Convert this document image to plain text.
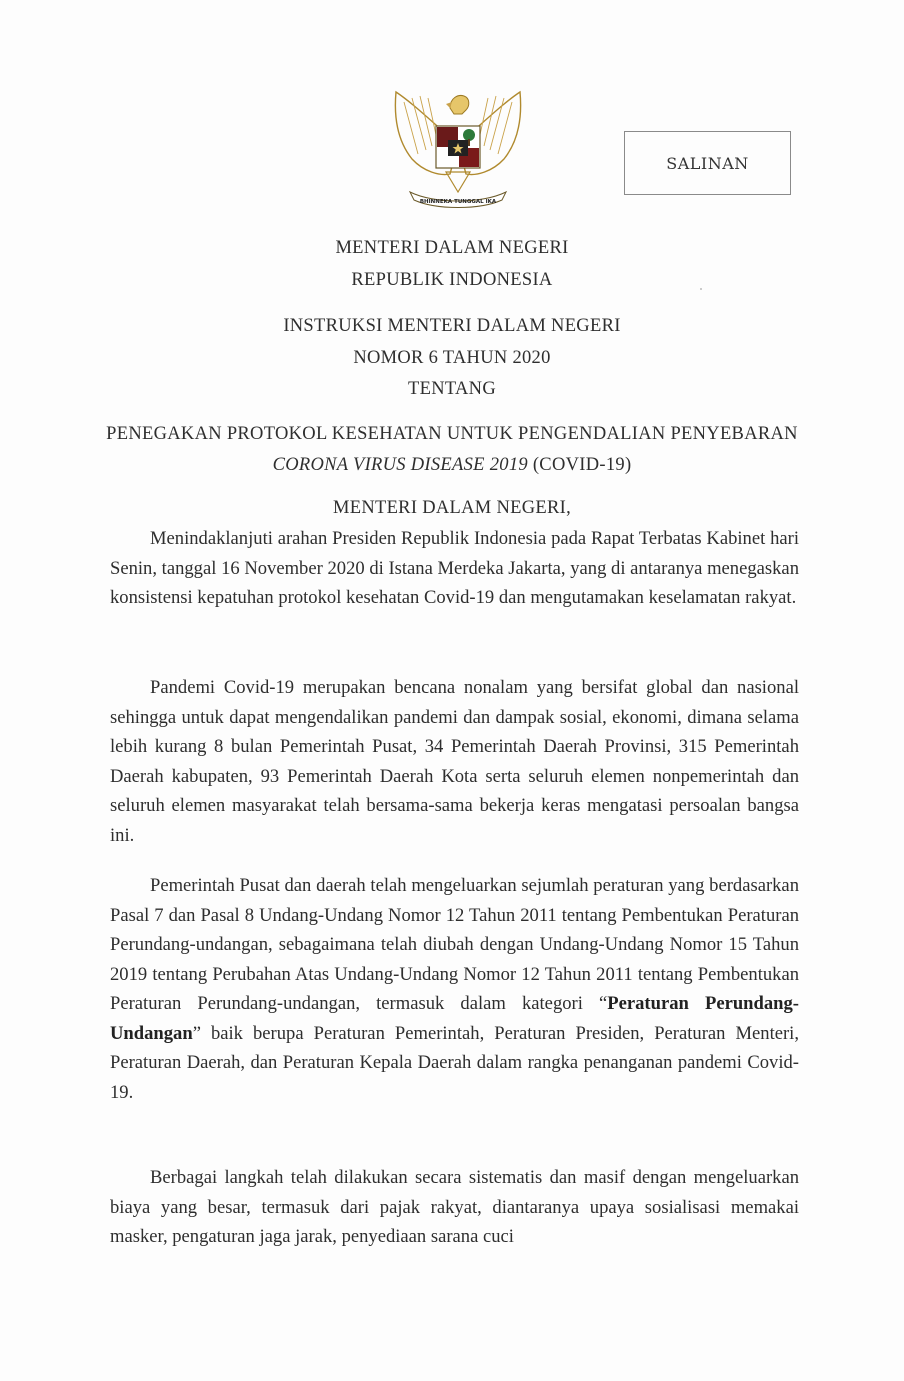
BHINNEKA TUNGGAL IKA
SALINAN
MENTERI DALAM NEGERI
REPUBLIK INDONESIA
INSTRUKSI MENTERI DALAM NEGERI
NOMOR 6 TAHUN 2020
TENTANG
PENEGAKAN PROTOKOL KESEHATAN UNTUK PENGENDALIAN PENYEBARAN
CORONA VIRUS DISEASE 2019 (COVID-19)
MENTERI DALAM NEGERI,

Menindaklanjuti arahan Presiden Republik Indonesia pada Rapat Terbatas Kabinet hari Senin, tanggal 16 November 2020 di Istana Merdeka Jakarta, yang di antaranya menegaskan konsistensi kepatuhan protokol kesehatan Covid-19 dan mengutamakan keselamatan rakyat.

Pandemi Covid-19 merupakan bencana nonalam yang bersifat global dan nasional sehingga untuk dapat mengendalikan pandemi dan dampak sosial, ekonomi, dimana selama lebih kurang 8 bulan Pemerintah Pusat, 34 Pemerintah Daerah Provinsi, 315 Pemerintah Daerah kabupaten, 93 Pemerintah Daerah Kota serta seluruh elemen nonpemerintah dan seluruh elemen masyarakat telah bersama-sama bekerja keras mengatasi persoalan bangsa ini.

Pemerintah Pusat dan daerah telah mengeluarkan sejumlah peraturan yang berdasarkan Pasal 7 dan Pasal 8 Undang-Undang Nomor 12 Tahun 2011 tentang Pembentukan Peraturan Perundang-undangan, sebagaimana telah diubah dengan Undang-Undang Nomor 15 Tahun 2019 tentang Perubahan Atas Undang-Undang Nomor 12 Tahun 2011 tentang Pembentukan Peraturan Perundang-undangan, termasuk dalam kategori “Peraturan Perundang-Undangan” baik berupa Peraturan Pemerintah, Peraturan Presiden, Peraturan Menteri, Peraturan Daerah, dan Peraturan Kepala Daerah dalam rangka penanganan pandemi Covid-19.

Berbagai langkah telah dilakukan secara sistematis dan masif dengan mengeluarkan biaya yang besar, termasuk dari pajak rakyat, diantaranya upaya sosialisasi memakai masker, pengaturan jaga jarak, penyediaan sarana cuci
